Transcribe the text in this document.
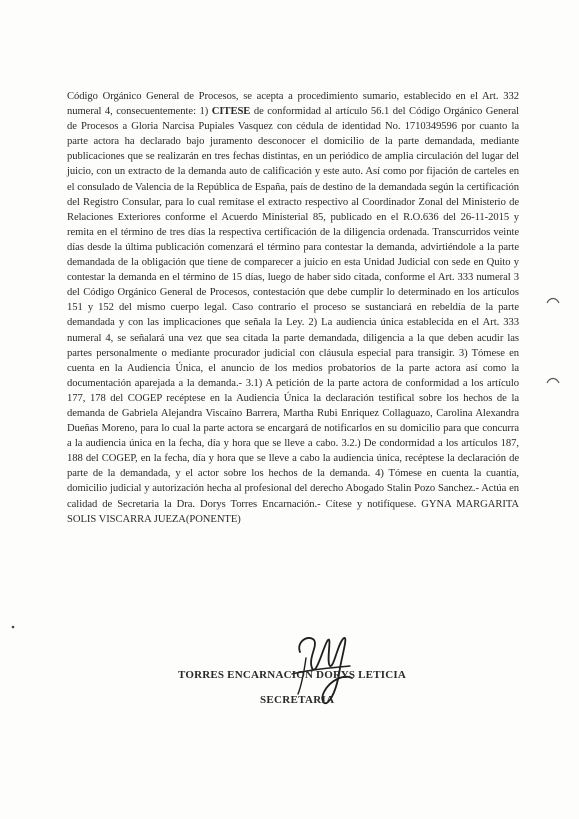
Código Orgánico General de Procesos, se acepta a procedimiento sumario, establecido en el Art. 332 numeral 4, consecuentemente: 1) CITESE de conformidad al artículo 56.1 del Código Orgánico General de Procesos a Gloria Narcisa Pupiales Vasquez con cédula de identidad No. 1710349596 por cuanto la parte actora ha declarado bajo juramento desconocer el domicilio de la parte demandada, mediante publicaciones que se realizarán en tres fechas distintas, en un periódico de amplia circulación del lugar del juicio, con un extracto de la demanda auto de calificación y este auto. Así como por fijación de carteles en el consulado de Valencia de la República de España, país de destino de la demandada según la certificación del Registro Consular, para lo cual remítase el extracto respectivo al Coordinador Zonal del Ministerio de Relaciones Exteriores conforme el Acuerdo Ministerial 85, publicado en el R.O.636 del 26-11-2015 y remita en el término de tres días la respectiva certificación de la diligencia ordenada. Transcurridos veinte días desde la última publicación comenzará el término para contestar la demanda, advirtiéndole a la parte demandada de la obligación que tiene de comparecer a juicio en esta Unidad Judicial con sede en Quito y contestar la demanda en el término de 15 días, luego de haber sido citada, conforme el Art. 333 numeral 3 del Código Orgánico General de Procesos, contestación que debe cumplir lo determinado en los artículos 151 y 152 del mismo cuerpo legal. Caso contrario el proceso se sustanciará en rebeldía de la parte demandada y con las implicaciones que señala la Ley. 2) La audiencia única establecida en el Art. 333 numeral 4, se señalará una vez que sea citada la parte demandada, diligencia a la que deben acudir las partes personalmente o mediante procurador judicial con cláusula especial para transigir. 3) Tómese en cuenta en la Audiencia Única, el anuncio de los medios probatorios de la parte actora así como la documentación aparejada a la demanda.- 3.1) A petición de la parte actora de conformidad a los artículo 177, 178 del COGEP recéptese en la Audiencia Única la declaración testifical sobre los hechos de la demanda de Gabriela Alejandra Viscaíno Barrera, Martha Rubi Enriquez Collaguazo, Carolina Alexandra Dueñas Moreno, para lo cual la parte actora se encargará de notificarlos en su domicilio para que concurra a la audiencia única en la fecha, día y hora que se lleve a cabo. 3.2.) De condormidad a los artículos 187, 188 del COGEP, en la fecha, día y hora que se lleve a cabo la audiencia única, recéptese la declaración de parte de la demandada, y el actor sobre los hechos de la demanda. 4) Tómese en cuenta la cuantía, domicilio judicial y autorización hecha al profesional del derecho Abogado Stalin Pozo Sanchez.- Actúa en calidad de Secretaria la Dra. Dorys Torres Encarnación.- Cítese y notifíquese. GYNA MARGARITA SOLIS VISCARRA JUEZA(PONENTE)

TORRES ENCARNACION DORYS LETICIA
SECRETARIA
